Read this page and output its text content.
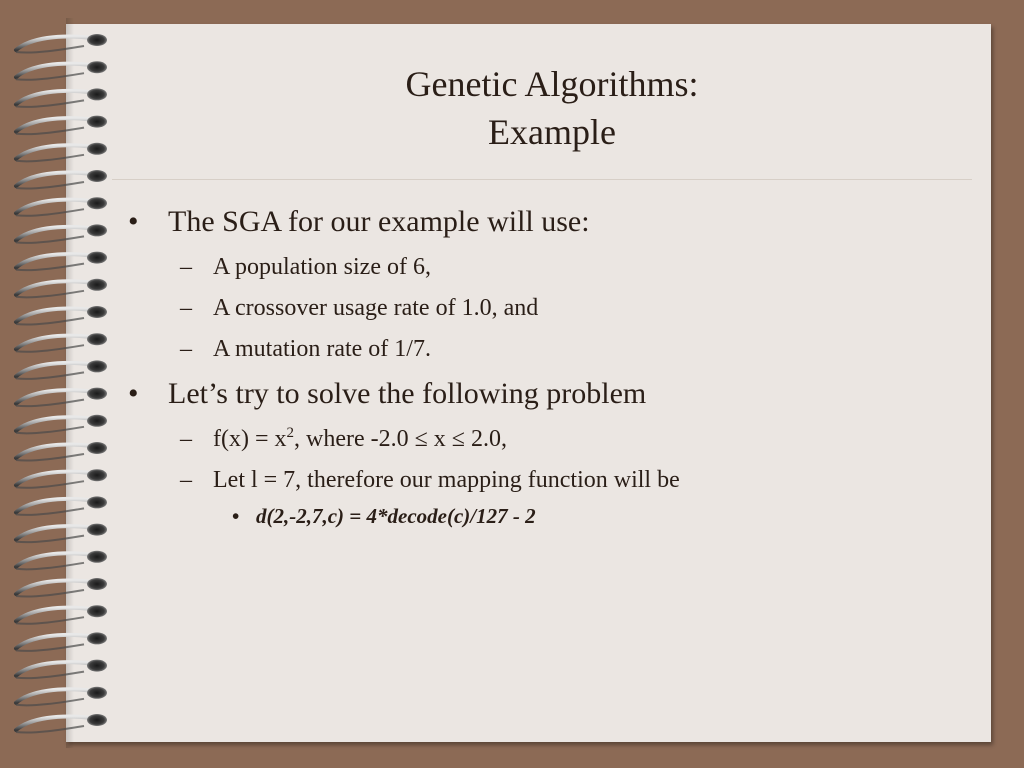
Genetic Algorithms:
Example
• The SGA for our example will use:
– A population size of 6,
– A crossover usage rate of 1.0, and
– A mutation rate of 1/7.
• Let’s try to solve the following problem
– $f(x) = x^2$, where -2.0 ≤ x ≤ 2.0,
– Let l = 7, therefore our mapping function will be
• d(2,-2,7,c) = 4*decode(c)/127 - 2
